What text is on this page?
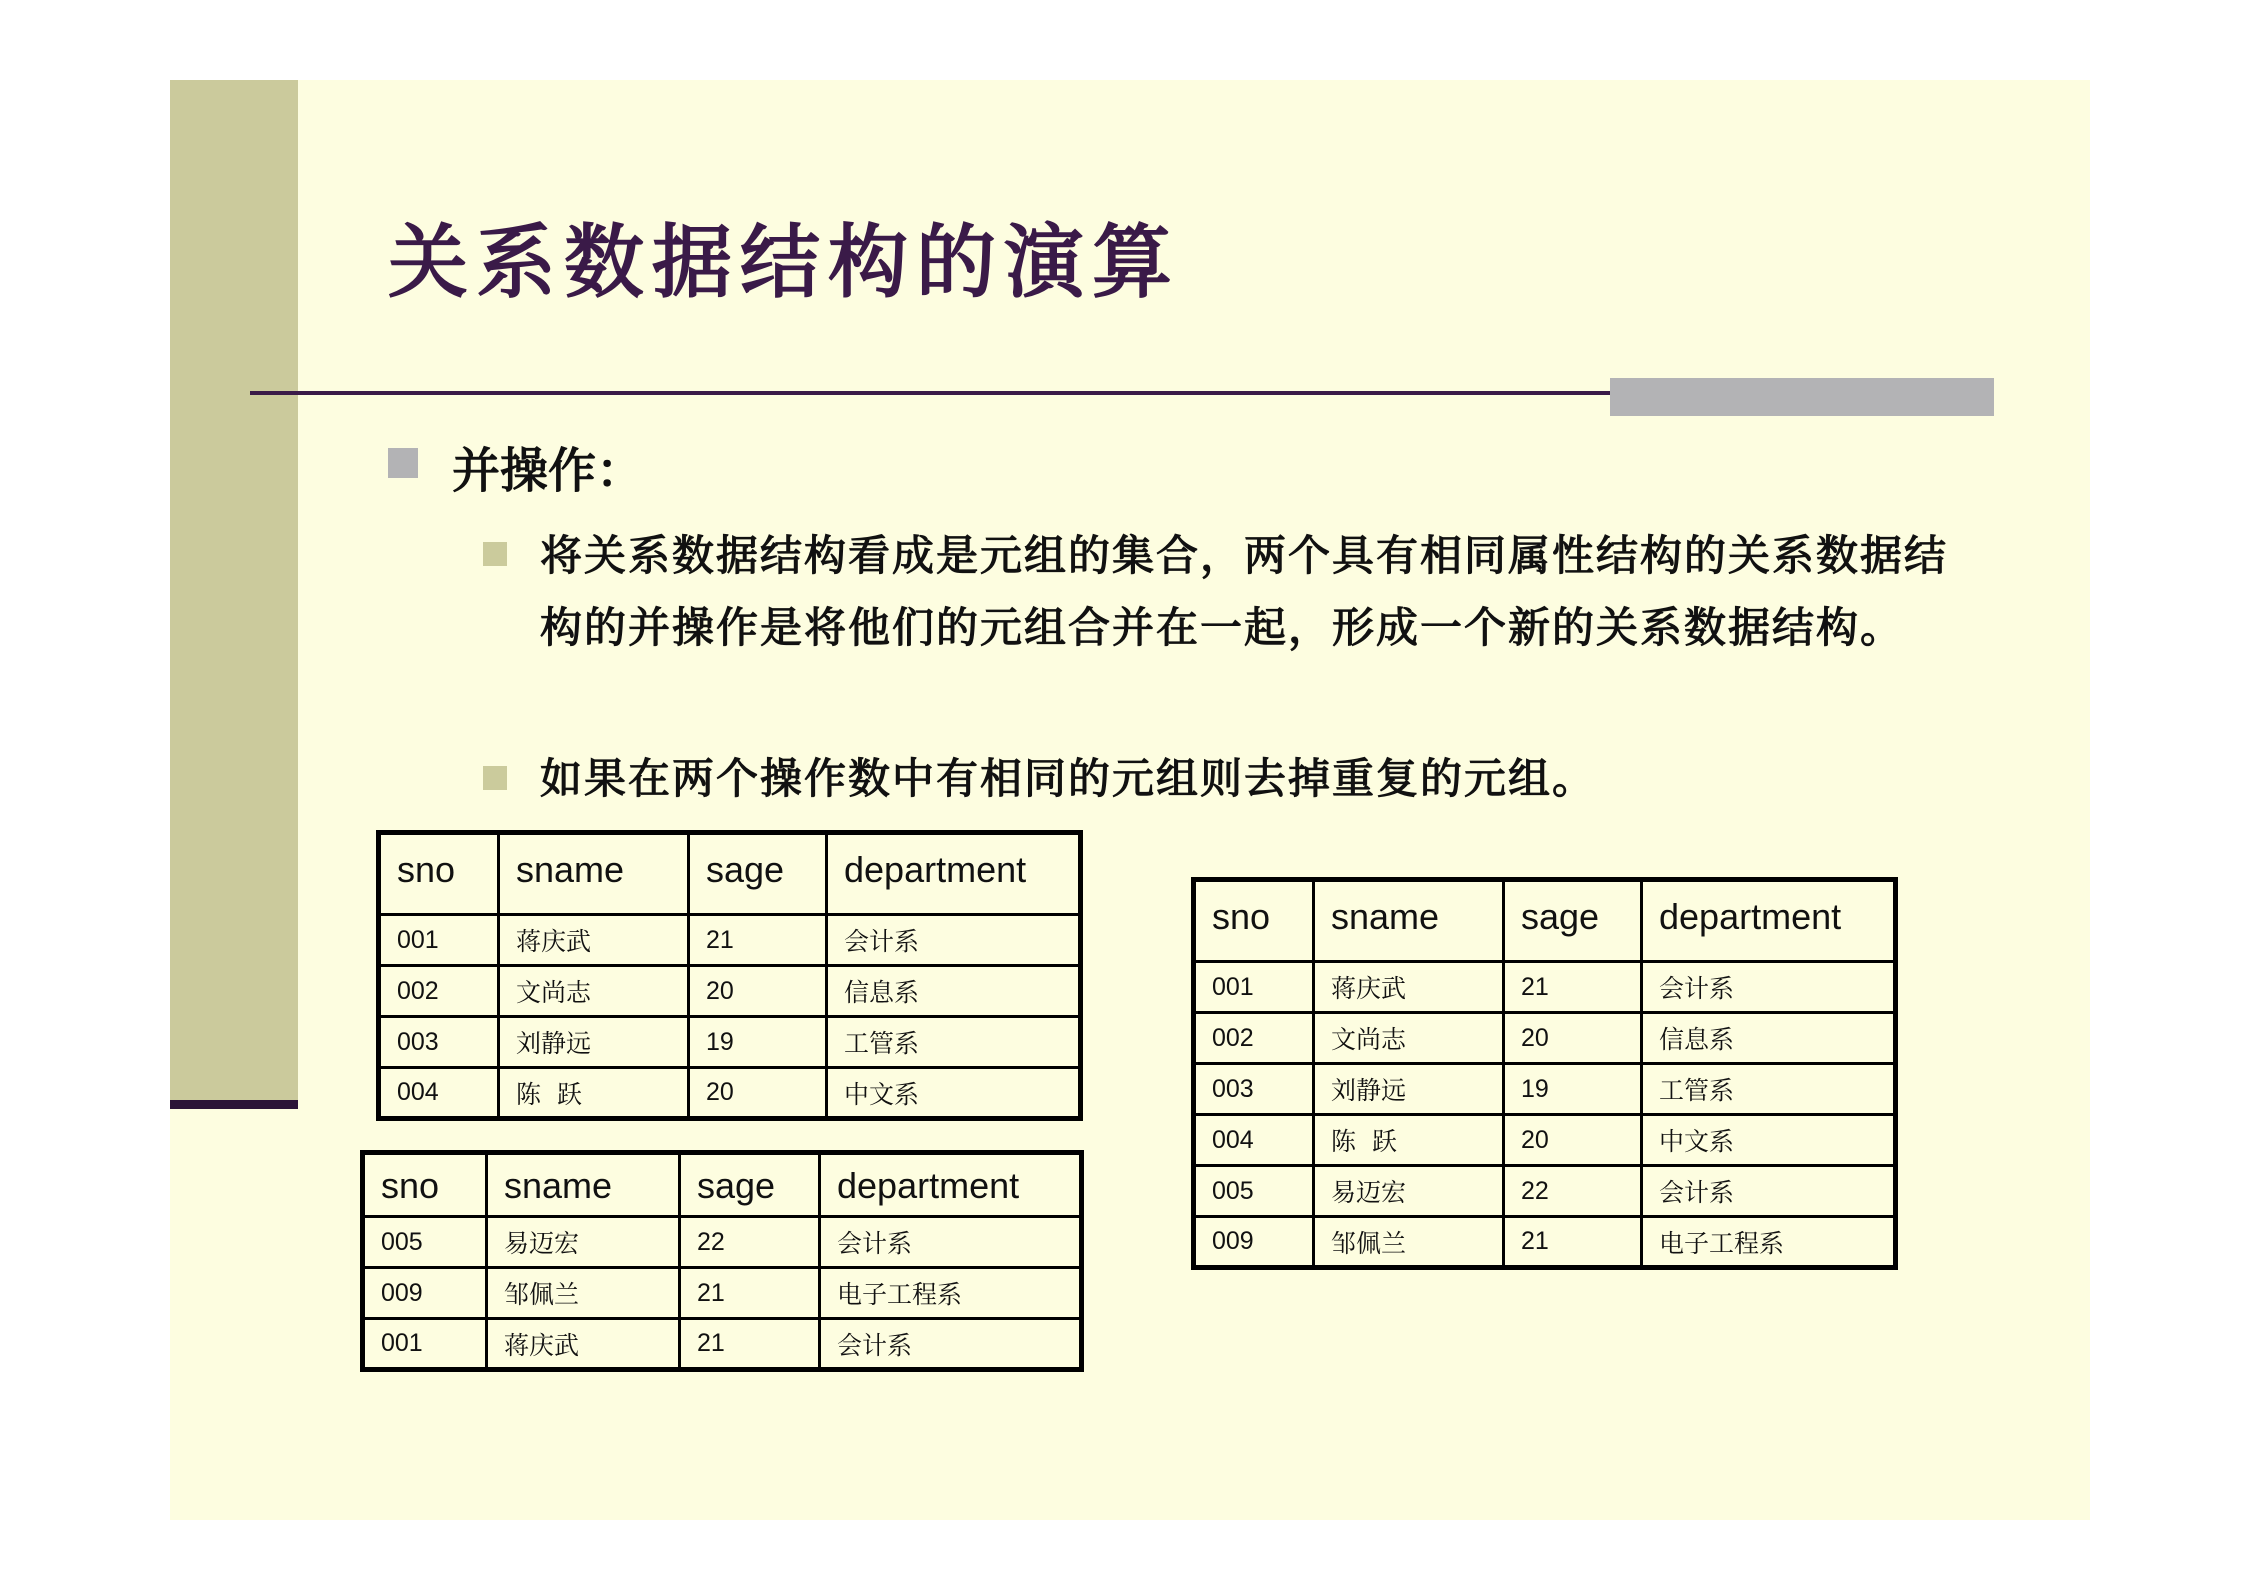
关系数据结构的演算
并操作：

将关系数据结构看成是元组的集合，两个具有相同属性结构的关系数据结构的并操作是将他们的元组合并在一起，形成一个新的关系数据结构。

如果在两个操作数中有相同的元组则去掉重复的元组。

sno	sname	sage	department
001	蒋庆武	21	会计系
002	文尚志	20	信息系
003	刘静远	19	工管系
004	陈  跃	20	中文系
sno	sname	sage	department
005	易迈宏	22	会计系
009	邹佩兰	21	电子工程系
001	蒋庆武	21	会计系
sno	sname	sage	department
001	蒋庆武	21	会计系
002	文尚志	20	信息系
003	刘静远	19	工管系
004	陈  跃	20	中文系
005	易迈宏	22	会计系
009	邹佩兰	21	电子工程系
